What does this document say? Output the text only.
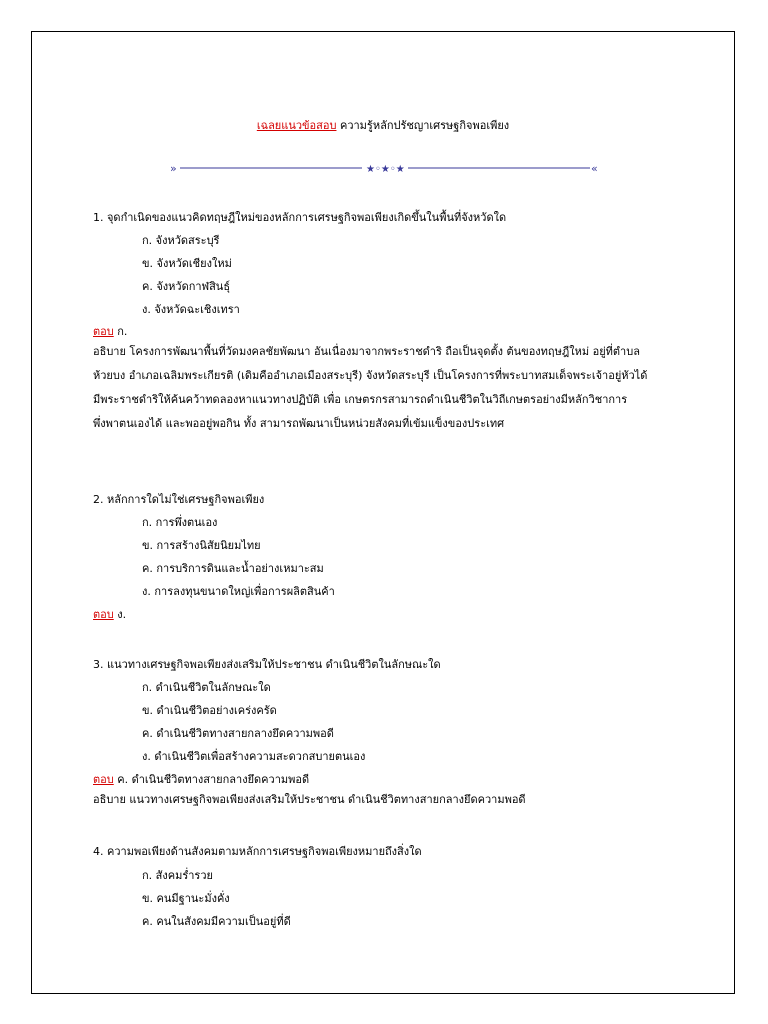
เฉลยแนวข้อสอบ ความรู้หลักปรัชญาเศรษฐกิจพอเพียง
»	★◦★◦★	«
1. จุดกำเนิดของแนวคิดทฤษฎีใหม่ของหลักการเศรษฐกิจพอเพียงเกิดขึ้นในพื้นที่จังหวัดใด
ก. จังหวัดสระบุรี
ข. จังหวัดเชียงใหม่
ค. จังหวัดกาฬสินธุ์
ง. จังหวัดฉะเชิงเทรา
ตอบ ก.
อธิบาย โครงการพัฒนาพื้นที่วัดมงคลชัยพัฒนา อันเนื่องมาจากพระราชดำริ ถือเป็นจุดตั้ง ต้นของทฤษฎีใหม่ อยู่ที่ตำบล
ห้วยบง อำเภอเฉลิมพระเกียรติ (เดิมคืออำเภอเมืองสระบุรี) จังหวัดสระบุรี เป็นโครงการที่พระบาทสมเด็จพระเจ้าอยู่หัวได้
มีพระราชดำริให้ค้นคว้าทดลองหาแนวทางปฏิบัติ เพื่อ เกษตรกรสามารถดำเนินชีวิตในวิถีเกษตรอย่างมีหลักวิชาการ
พึ่งพาตนเองได้ และพออยู่พอกิน ทั้ง สามารถพัฒนาเป็นหน่วยสังคมที่เข้มแข็งของประเทศ
2. หลักการใดไม่ใช่เศรษฐกิจพอเพียง
ก. การพึ่งตนเอง
ข. การสร้างนิสัยนิยมไทย
ค. การบริการดินและน้ำอย่างเหมาะสม
ง. การลงทุนขนาดใหญ่เพื่อการผลิตสินค้า
ตอบ ง.
3. แนวทางเศรษฐกิจพอเพียงส่งเสริมให้ประชาชน ดำเนินชีวิตในลักษณะใด
ก. ดำเนินชีวิตในลักษณะใด
ข. ดำเนินชีวิตอย่างเคร่งครัด
ค. ดำเนินชีวิตทางสายกลางยึดความพอดี
ง. ดำเนินชีวิตเพื่อสร้างความสะดวกสบายตนเอง
ตอบ ค. ดำเนินชีวิตทางสายกลางยึดความพอดี
อธิบาย แนวทางเศรษฐกิจพอเพียงส่งเสริมให้ประชาชน ดำเนินชีวิตทางสายกลางยึดความพอดี
4. ความพอเพียงด้านสังคมตามหลักการเศรษฐกิจพอเพียงหมายถึงสิ่งใด
ก. สังคมร่ำรวย
ข. คนมีฐานะมั่งคั่ง
ค. คนในสังคมมีความเป็นอยู่ที่ดี
